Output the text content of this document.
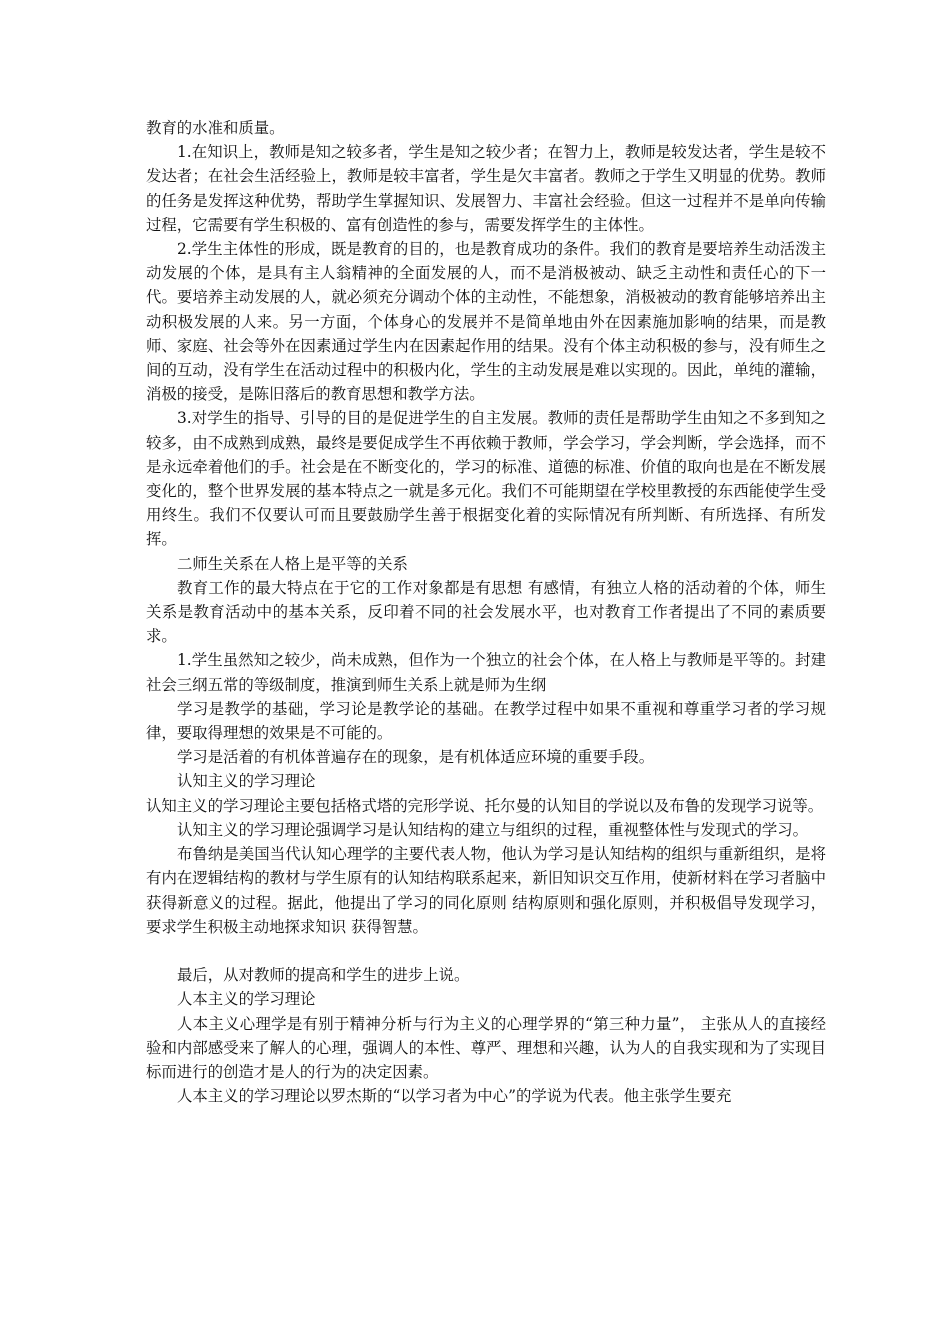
教育的水准和质量。

1.在知识上，教师是知之较多者，学生是知之较少者；在智力上，教师是较发达者，学生是较不发达者；在社会生活经验上，教师是较丰富者，学生是欠丰富者。教师之于学生又明显的优势。教师的任务是发挥这种优势，帮助学生掌握知识、发展智力、丰富社会经验。但这一过程并不是单向传输过程，它需要有学生积极的、富有创造性的参与，需要发挥学生的主体性。

2.学生主体性的形成，既是教育的目的，也是教育成功的条件。我们的教育是要培养生动活泼主动发展的个体，是具有主人翁精神的全面发展的人，而不是消极被动、缺乏主动性和责任心的下一代。要培养主动发展的人，就必须充分调动个体的主动性，不能想象，消极被动的教育能够培养出主动积极发展的人来。另一方面，个体身心的发展并不是简单地由外在因素施加影响的结果，而是教师、家庭、社会等外在因素通过学生内在因素起作用的结果。没有个体主动积极的参与，没有师生之间的互动，没有学生在活动过程中的积极内化，学生的主动发展是难以实现的。因此，单纯的灌输，消极的接受，是陈旧落后的教育思想和教学方法。

3.对学生的指导、引导的目的是促进学生的自主发展。教师的责任是帮助学生由知之不多到知之较多，由不成熟到成熟，最终是要促成学生不再依赖于教师，学会学习，学会判断，学会选择，而不是永远牵着他们的手。社会是在不断变化的，学习的标准、道德的标准、价值的取向也是在不断发展变化的，整个世界发展的基本特点之一就是多元化。我们不可能期望在学校里教授的东西能使学生受用终生。我们不仅要认可而且要鼓励学生善于根据变化着的实际情况有所判断、有所选择、有所发挥。

二师生关系在人格上是平等的关系

教育工作的最大特点在于它的工作对象都是有思想 有感情，有独立人格的活动着的个体，师生关系是教育活动中的基本关系，反印着不同的社会发展水平，也对教育工作者提出了不同的素质要求。

1.学生虽然知之较少，尚未成熟，但作为一个独立的社会个体，在人格上与教师是平等的。封建社会三纲五常的等级制度，推演到师生关系上就是师为生纲

学习是教学的基础，学习论是教学论的基础。在教学过程中如果不重视和尊重学习者的学习规律，要取得理想的效果是不可能的。

学习是活着的有机体普遍存在的现象，是有机体适应环境的重要手段。

认知主义的学习理论

认知主义的学习理论主要包括格式塔的完形学说、托尔曼的认知目的学说以及布鲁的发现学习说等。

认知主义的学习理论强调学习是认知结构的建立与组织的过程，重视整体性与发现式的学习。

布鲁纳是美国当代认知心理学的主要代表人物，他认为学习是认知结构的组织与重新组织，是将有内在逻辑结构的教材与学生原有的认知结构联系起来，新旧知识交互作用，使新材料在学习者脑中获得新意义的过程。据此，他提出了学习的同化原则 结构原则和强化原则，并积极倡导发现学习，要求学生积极主动地探求知识 获得智慧。

最后，从对教师的提高和学生的进步上说。

人本主义的学习理论

人本主义心理学是有别于精神分析与行为主义的心理学界的“第三种力量”， 主张从人的直接经验和内部感受来了解人的心理，强调人的本性、尊严、理想和兴趣，认为人的自我实现和为了实现目标而进行的创造才是人的行为的决定因素。

人本主义的学习理论以罗杰斯的“以学习者为中心”的学说为代表。他主张学生要充
